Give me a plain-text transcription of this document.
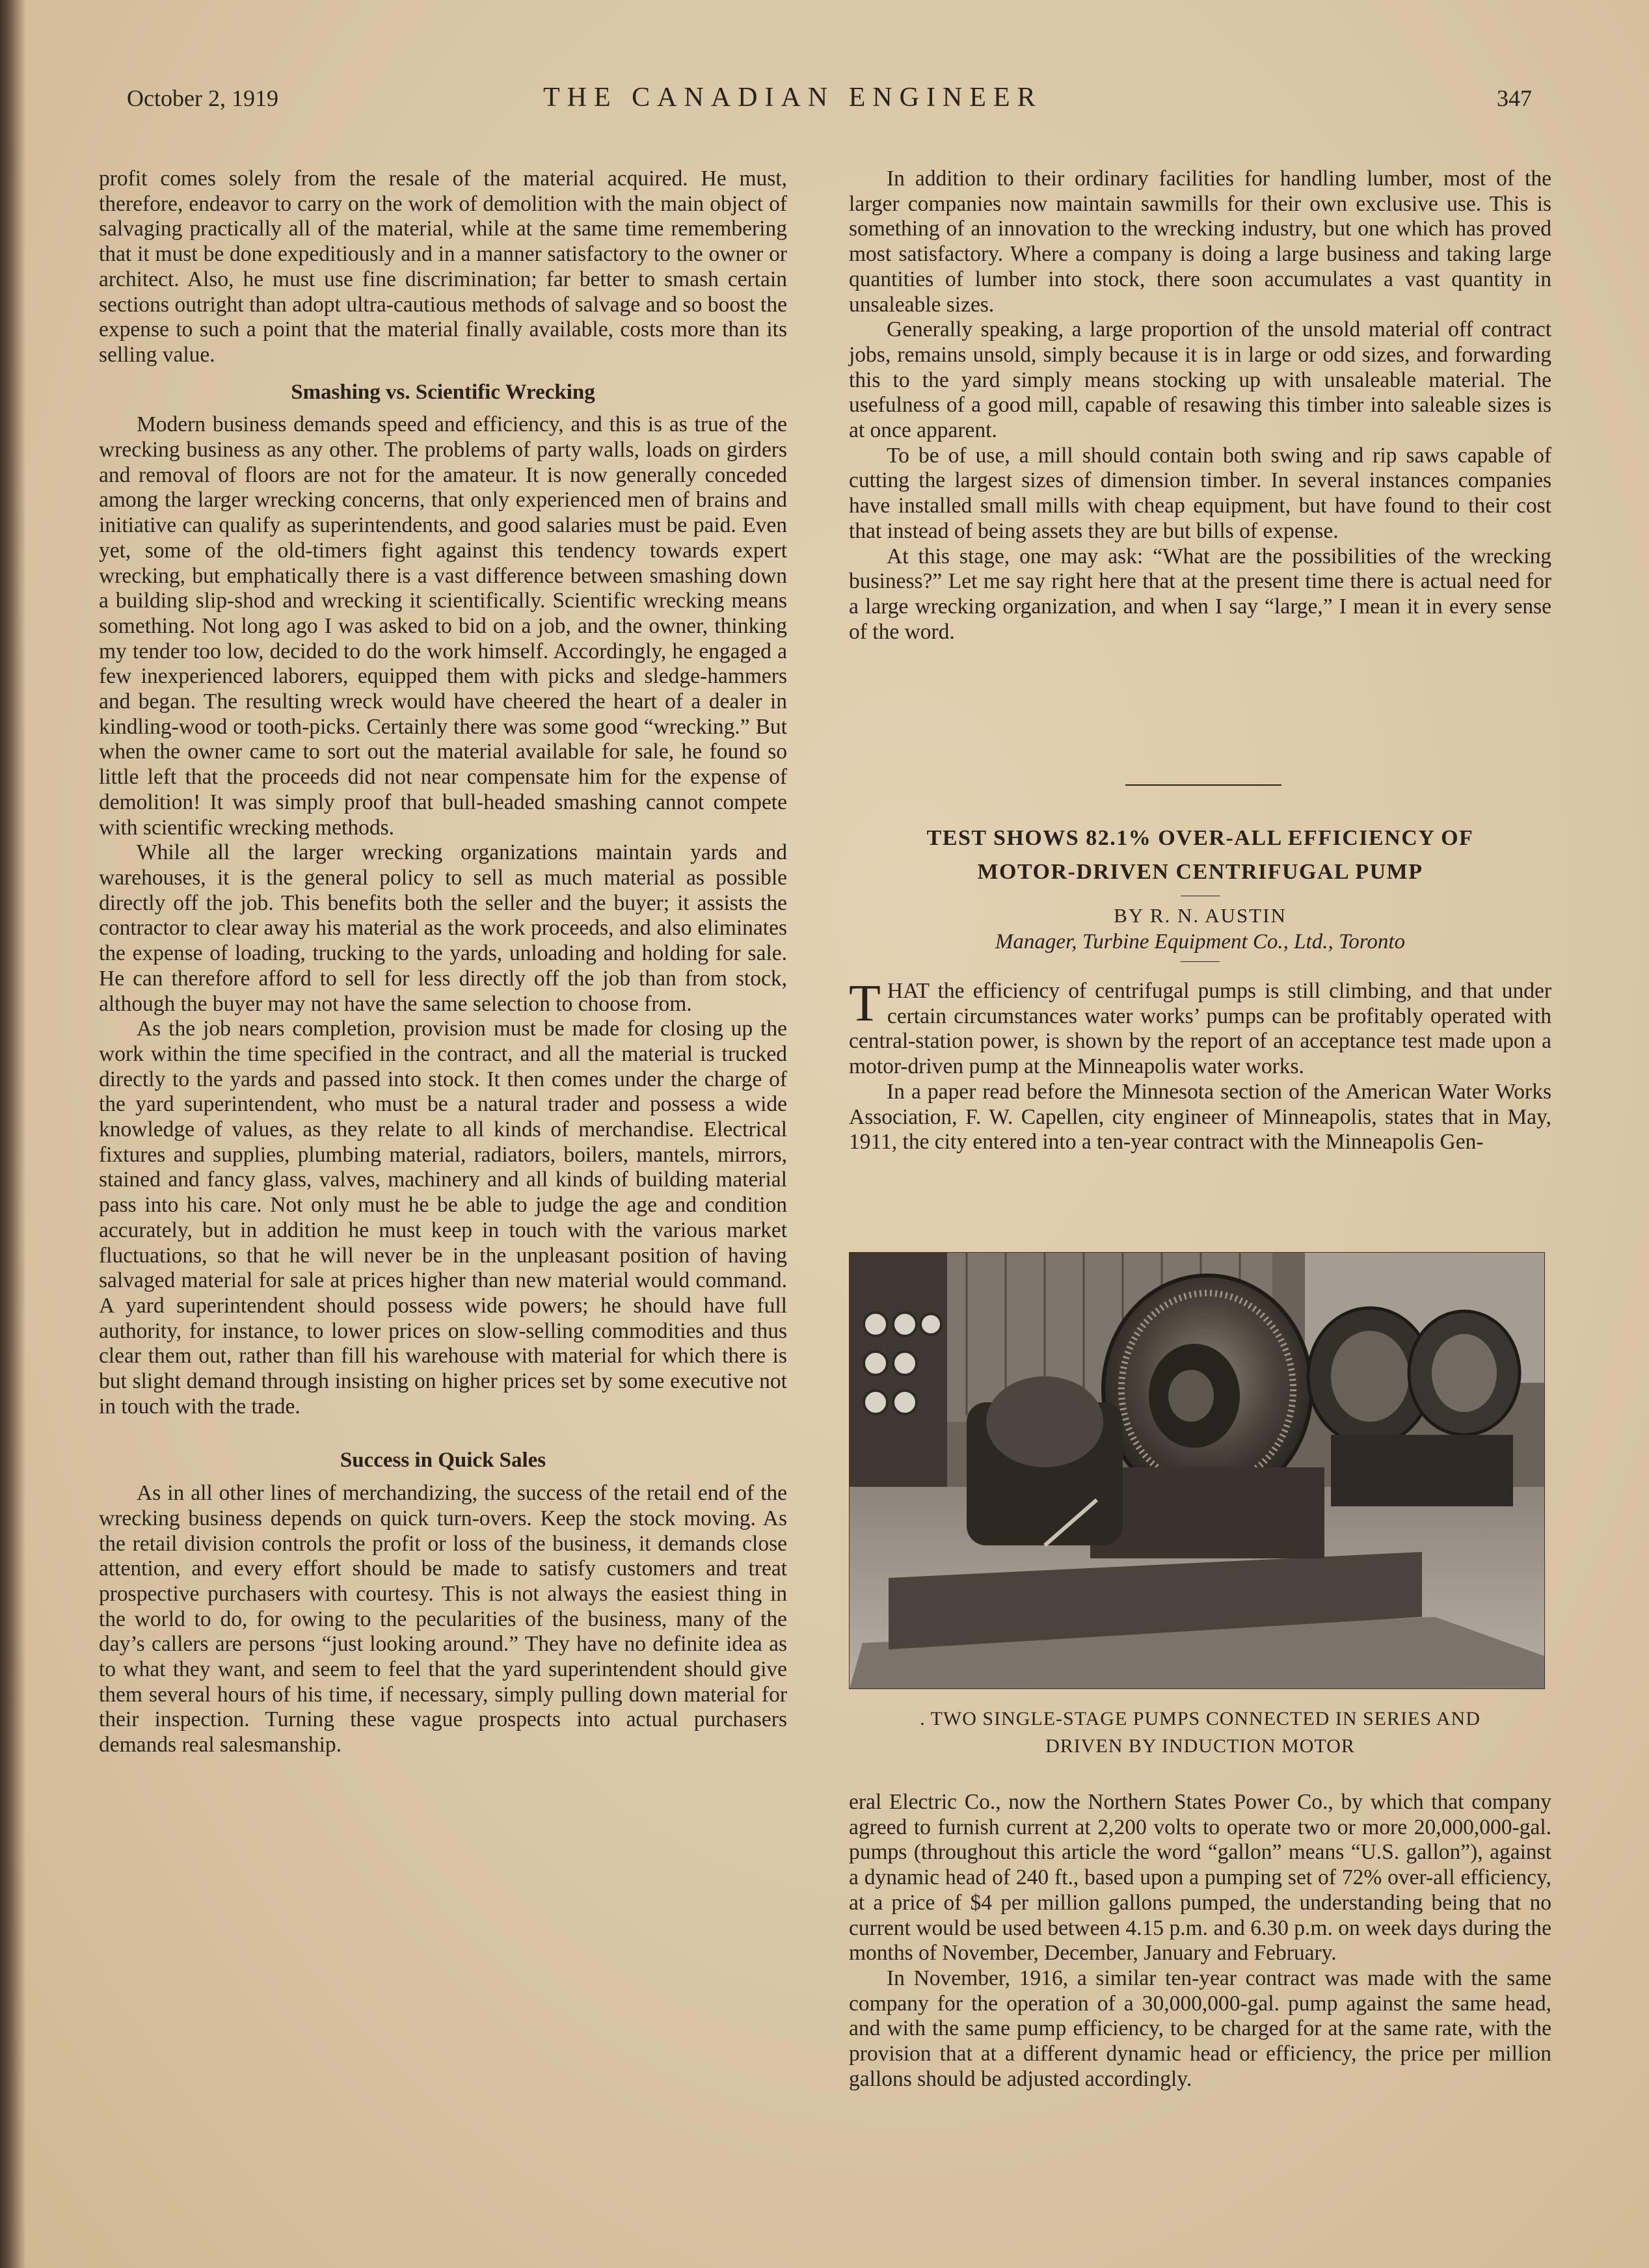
October 2, 1919	THE CANADIAN ENGINEER	347

profit comes solely from the resale of the material acquired. He must, therefore, endeavor to carry on the work of demolition with the main object of salvaging practically all of the material, while at the same time remembering that it must be done expeditiously and in a manner satisfactory to the owner or architect. Also, he must use fine discrimination; far better to smash certain sections outright than adopt ultra-cautious methods of salvage and so boost the expense to such a point that the material finally available, costs more than its selling value.

Smashing vs. Scientific Wrecking

Modern business demands speed and efficiency, and this is as true of the wrecking business as any other. The problems of party walls, loads on girders and removal of floors are not for the amateur. It is now generally conceded among the larger wrecking concerns, that only experienced men of brains and initiative can qualify as superintendents, and good salaries must be paid. Even yet, some of the old-timers fight against this tendency towards expert wrecking, but emphatically there is a vast difference between smashing down a building slip-shod and wrecking it scientifically. Scientific wrecking means something. Not long ago I was asked to bid on a job, and the owner, thinking my tender too low, decided to do the work himself. Accordingly, he engaged a few inexperienced laborers, equipped them with picks and sledge-hammers and began. The resulting wreck would have cheered the heart of a dealer in kindling-wood or tooth-picks. Certainly there was some good “wrecking.” But when the owner came to sort out the material available for sale, he found so little left that the proceeds did not near compensate him for the expense of demolition! It was simply proof that bull-headed smashing cannot compete with scientific wrecking methods.

While all the larger wrecking organizations maintain yards and warehouses, it is the general policy to sell as much material as possible directly off the job. This benefits both the seller and the buyer; it assists the contractor to clear away his material as the work proceeds, and also eliminates the expense of loading, trucking to the yards, unloading and holding for sale. He can therefore afford to sell for less directly off the job than from stock, although the buyer may not have the same selection to choose from.

As the job nears completion, provision must be made for closing up the work within the time specified in the contract, and all the material is trucked directly to the yards and passed into stock. It then comes under the charge of the yard superintendent, who must be a natural trader and possess a wide knowledge of values, as they relate to all kinds of merchandise. Electrical fixtures and supplies, plumbing material, radiators, boilers, mantels, mirrors, stained and fancy glass, valves, machinery and all kinds of building material pass into his care. Not only must he be able to judge the age and condition accurately, but in addition he must keep in touch with the various market fluctuations, so that he will never be in the unpleasant position of having salvaged material for sale at prices higher than new material would command. A yard superintendent should possess wide powers; he should have full authority, for instance, to lower prices on slow-selling commodities and thus clear them out, rather than fill his warehouse with material for which there is but slight demand through insisting on higher prices set by some executive not in touch with the trade.

Success in Quick Sales

As in all other lines of merchandizing, the success of the retail end of the wrecking business depends on quick turn-overs. Keep the stock moving. As the retail division controls the profit or loss of the business, it demands close attention, and every effort should be made to satisfy customers and treat prospective purchasers with courtesy. This is not always the easiest thing in the world to do, for owing to the pecularities of the business, many of the day’s callers are persons “just looking around.” They have no definite idea as to what they want, and seem to feel that the yard superintendent should give them several hours of his time, if necessary, simply pulling down material for their inspection. Turning these vague prospects into actual purchasers demands real salesmanship.

In addition to their ordinary facilities for handling lumber, most of the larger companies now maintain sawmills for their own exclusive use. This is something of an innovation to the wrecking industry, but one which has proved most satisfactory. Where a company is doing a large business and taking large quantities of lumber into stock, there soon accumulates a vast quantity in unsaleable sizes.

Generally speaking, a large proportion of the unsold material off contract jobs, remains unsold, simply because it is in large or odd sizes, and forwarding this to the yard simply means stocking up with unsaleable material. The usefulness of a good mill, capable of resawing this timber into saleable sizes is at once apparent.

To be of use, a mill should contain both swing and rip saws capable of cutting the largest sizes of dimension timber. In several instances companies have installed small mills with cheap equipment, but have found to their cost that instead of being assets they are but bills of expense.

At this stage, one may ask: “What are the possibilities of the wrecking business?” Let me say right here that at the present time there is actual need for a large wrecking organization, and when I say “large,” I mean it in every sense of the word.

TEST SHOWS 82.1% OVER-ALL EFFICIENCY OF
MOTOR-DRIVEN CENTRIFUGAL PUMP
BY R. N. AUSTIN
Manager, Turbine Equipment Co., Ltd., Toronto

THAT the efficiency of centrifugal pumps is still climbing, and that under certain circumstances water works’ pumps can be profitably operated with central-station power, is shown by the report of an acceptance test made upon a motor-driven pump at the Minneapolis water works.

In a paper read before the Minnesota section of the American Water Works Association, F. W. Capellen, city engineer of Minneapolis, states that in May, 1911, the city entered into a ten-year contract with the Minneapolis Gen-

. TWO SINGLE-STAGE PUMPS CONNECTED IN SERIES AND
DRIVEN BY INDUCTION MOTOR

eral Electric Co., now the Northern States Power Co., by which that company agreed to furnish current at 2,200 volts to operate two or more 20,000,000-gal. pumps (throughout this article the word “gallon” means “U.S. gallon”), against a dynamic head of 240 ft., based upon a pumping set of 72% over-all efficiency, at a price of $4 per million gallons pumped, the understanding being that no current would be used between 4.15 p.m. and 6.30 p.m. on week days during the months of November, December, January and February.

In November, 1916, a similar ten-year contract was made with the same company for the operation of a 30,000,000-gal. pump against the same head, and with the same pump efficiency, to be charged for at the same rate, with the provision that at a different dynamic head or efficiency, the price per million gallons should be adjusted accordingly.
